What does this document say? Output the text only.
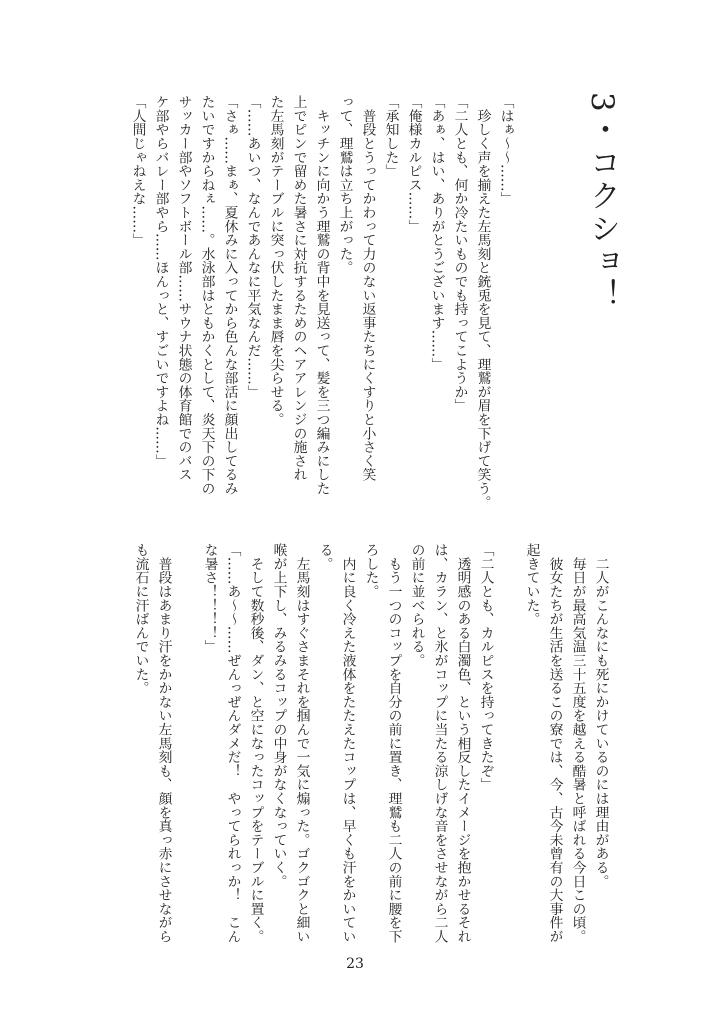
3・コクショ！
「はぁ～～……」
　珍しく声を揃えた左馬刻と銃兎を見て、理鷲が眉を下げて笑う。
「二人とも、何か冷たいものでも持ってこようか」
「あぁ、はい、ありがとうございます……」
「俺様カルピス……」
「承知した」
　普段とうってかわって力のない返事たちにくすりと小さく笑
って、理鷲は立ち上がった。
　キッチンに向かう理鷲の背中を見送って、髪を三つ編みにした
上でピンで留めた暑さに対抗するためのヘアアレンジの施され
た左馬刻がテーブルに突っ伏したまま唇を尖らせる。
「……あいつ、なんであんなに平気なんだ……」
「さぁ……まぁ、夏休みに入ってから色んな部活に顔出してるみ
たいですからねぇ……。水泳部はともかくとして、炎天下の下の
サッカー部やソフトボール部……サウナ状態の体育館でのバス
ケ部やらバレー部やら……ほんっと、すごいですよね……」
「人間じゃねえな……」
　二人がこんなにも死にかけているのには理由がある。
　毎日が最高気温三十五度を越える酷暑と呼ばれる今日この頃。
　彼女たちが生活を送るこの寮では、今、古今未曾有の大事件が
起きていた。
「二人とも、カルピスを持ってきたぞ」
　透明感のある白濁色、という相反したイメージを抱かせるそれ
は、カラン、と氷がコップに当たる涼しげな音をさせながら二人
の前に並べられる。
　もう一つのコップを自分の前に置き、理鷲も二人の前に腰を下
ろした。
　内に良く冷えた液体をたたえたコップは、早くも汗をかいてい
る。
　左馬刻はすぐさまそれを掴んで一気に煽った。ゴクゴクと細い
喉が上下し、みるみるコップの中身がなくなっていく。
　そして数秒後、ダン、と空になったコップをテーブルに置く。
「……あ～～……ぜんっぜんダメだ！　やってられっか！　こん
な暑さ！！！！」
　普段はあまり汗をかかない左馬刻も、顔を真っ赤にさせながら
も流石に汗ばんでいた。
23
